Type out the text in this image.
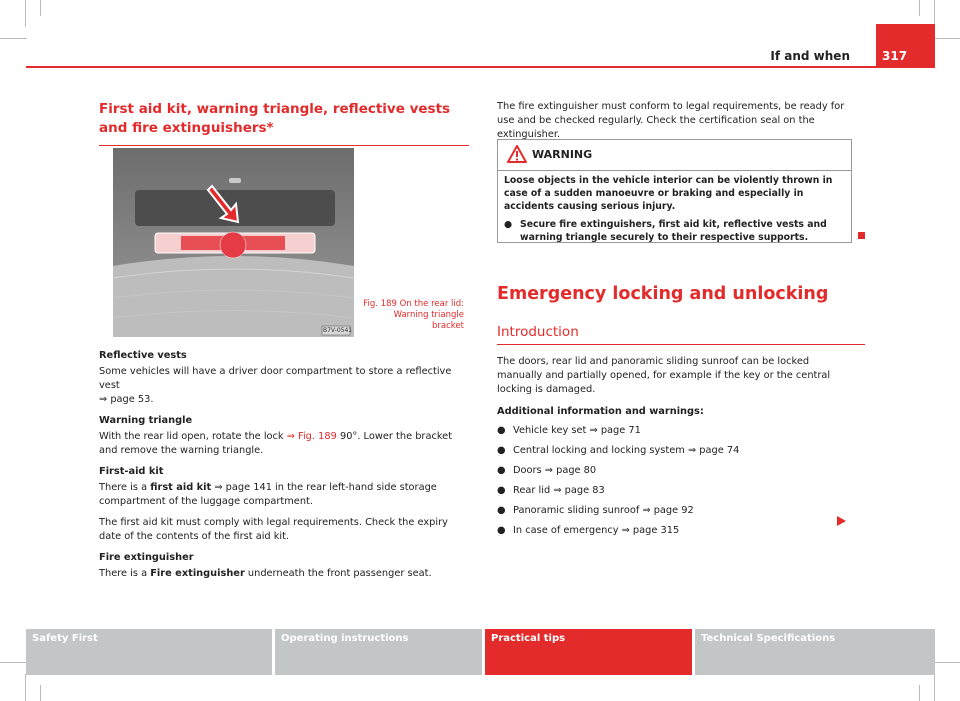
If and when	317
First aid kit, warning triangle, reflective vests and fire extinguishers*
B7V-0541
Fig. 189 On the rear lid: Warning triangle bracket

Reflective vests

Some vehicles will have a driver door compartment to store a reflective vest
⇒ page 53.

Warning triangle

With the rear lid open, rotate the lock ⇒ Fig. 189 90°. Lower the bracket and remove the warning triangle.

First-aid kit

There is a first aid kit ⇒ page 141 in the rear left-hand side storage compartment of the luggage compartment.

The first aid kit must comply with legal requirements. Check the expiry date of the contents of the first aid kit.

Fire extinguisher

There is a Fire extinguisher underneath the front passenger seat.

The fire extinguisher must conform to legal requirements, be ready for use and be checked regularly. Check the certification seal on the extinguisher.

WARNING

Loose objects in the vehicle interior can be violently thrown in case of a sudden manoeuvre or braking and especially in accidents causing serious injury.

● Secure fire extinguishers, first aid kit, reflective vests and warning triangle securely to their respective supports.

Emergency locking and unlocking
Introduction

The doors, rear lid and panoramic sliding sunroof can be locked manually and partially opened, for example if the key or the central locking is damaged.

Additional information and warnings:

● Vehicle key set ⇒ page 71
● Central locking and locking system ⇒ page 74
● Doors ⇒ page 80
● Rear lid ⇒ page 83
● Panoramic sliding sunroof ⇒ page 92
● In case of emergency ⇒ page 315
Safety First	Operating instructions	Practical tips	Technical Specifications
